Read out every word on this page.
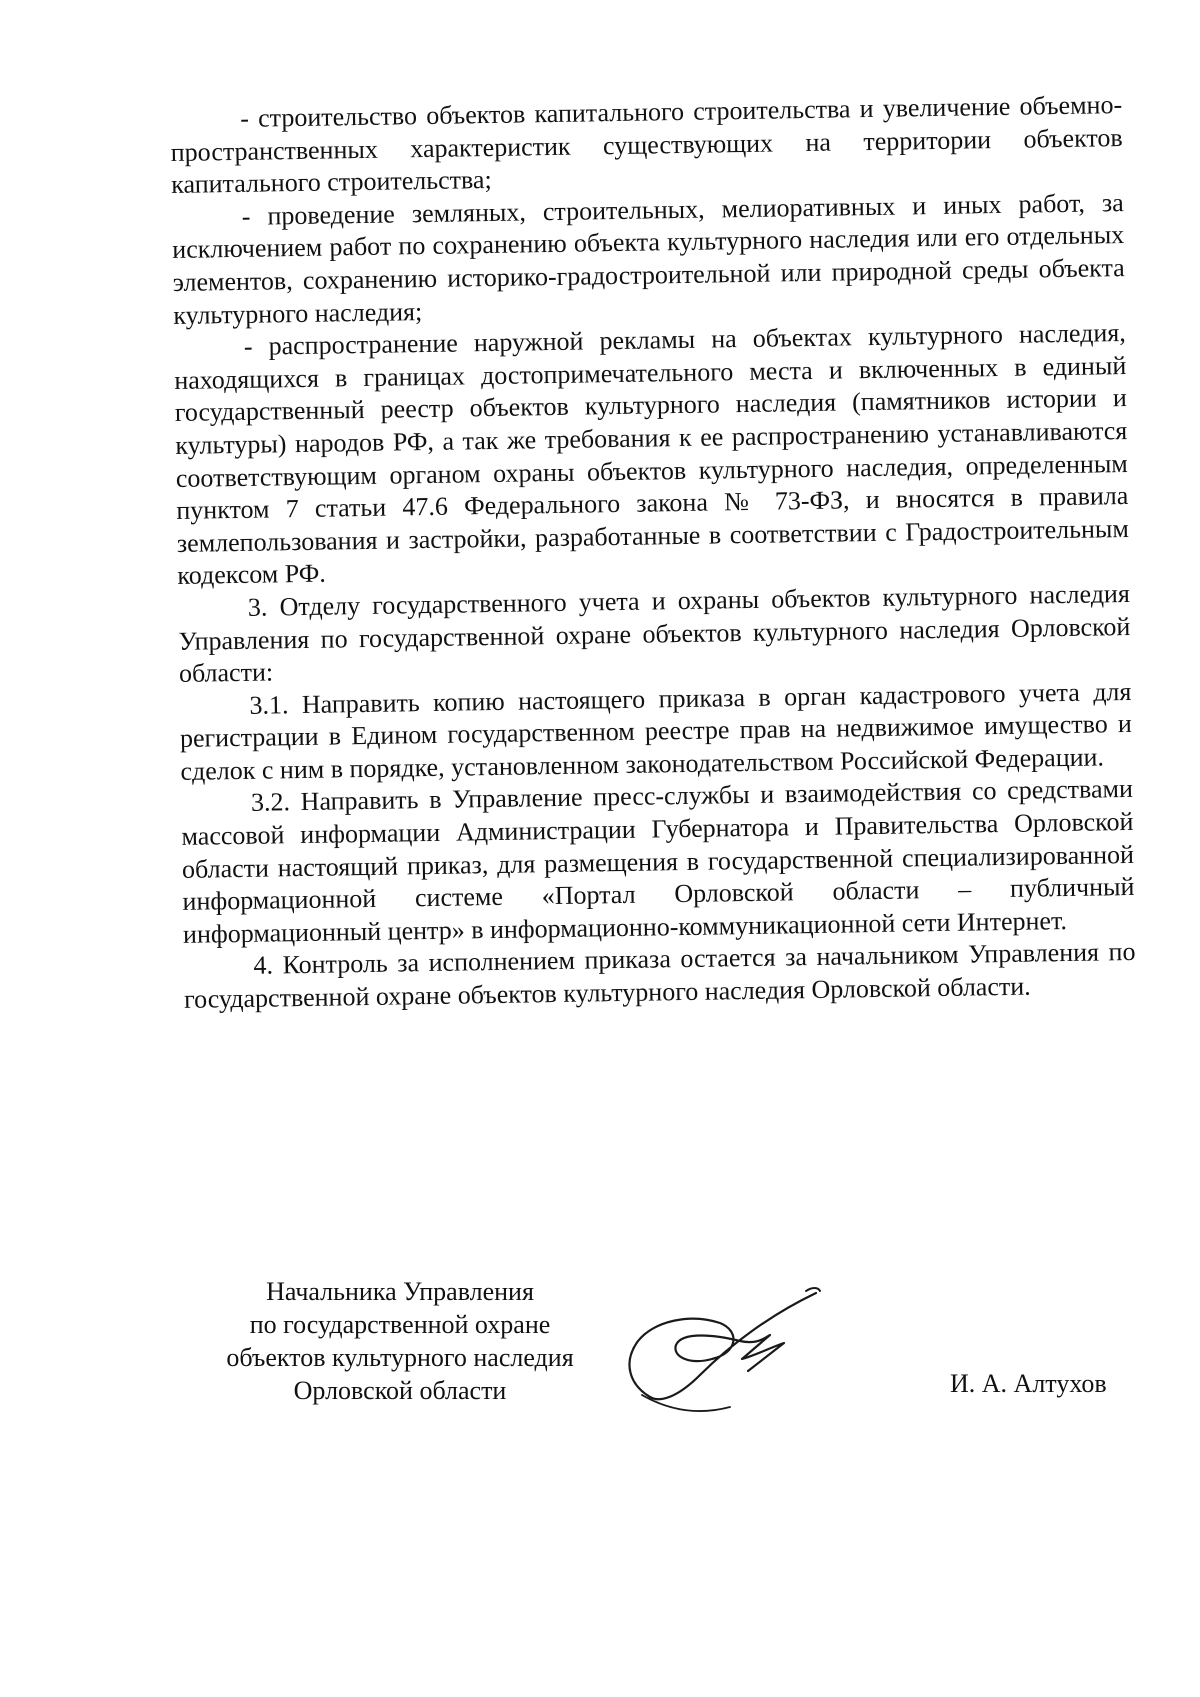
- строительство объектов капитального строительства и увеличение объемно-пространственных характеристик существующих на территории объектов капитального строительства;

- проведение земляных, строительных, мелиоративных и иных работ, за исключением работ по сохранению объекта культурного наследия или его отдельных элементов, сохранению историко-градостроительной или природной среды объекта культурного наследия;

- распространение наружной рекламы на объектах культурного наследия, находящихся в границах достопримечательного места и включенных в единый государственный реестр объектов культурного наследия (памятников истории и культуры) народов РФ, а так же требования к ее распространению устанавливаются соответствующим органом охраны объектов культурного наследия, определенным пунктом 7 статьи 47.6 Федерального закона № 73-ФЗ, и вносятся в правила землепользования и застройки, разработанные в соответствии с Градостроительным кодексом РФ.

3. Отделу государственного учета и охраны объектов культурного наследия Управления по государственной охране объектов культурного наследия Орловской области:

3.1. Направить копию настоящего приказа в орган кадастрового учета для регистрации в Едином государственном реестре прав на недвижимое имущество и сделок с ним в порядке, установленном законодательством Российской Федерации.

3.2. Направить в Управление пресс-службы и взаимодействия со средствами массовой информации Администрации Губернатора и Правительства Орловской области настоящий приказ, для размещения в государственной специализированной информационной системе «Портал Орловской области – публичный информационный центр» в информационно-коммуникационной сети Интернет.

4. Контроль за исполнением приказа остается за начальником Управления по государственной охране объектов культурного наследия Орловской области.

Начальника Управления
по государственной охране
объектов культурного наследия
Орловской области	И. А. Алтухов
